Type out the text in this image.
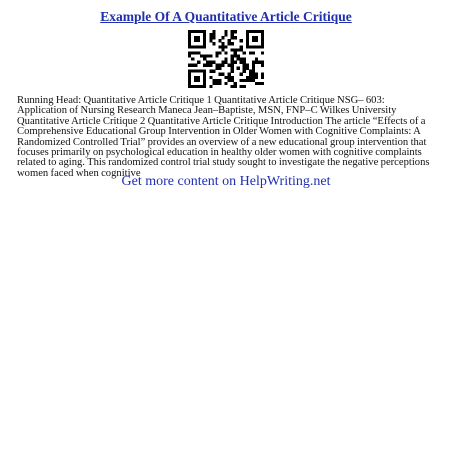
Example Of A Quantitative Article Critique

Running Head: Quantitative Article Critique 1 Quantitative Article Critique NSG– 603: Application of Nursing Research Maneca Jean–Baptiste, MSN, FNP–C Wilkes University Quantitative Article Critique 2 Quantitative Article Critique Introduction The article “Effects of a Comprehensive Educational Group Intervention in Older Women with Cognitive Complaints: A Randomized Controlled Trial” provides an overview of a new educational group intervention that focuses primarily on psychological education in healthy older women with cognitive complaints related to aging. This randomized control trial study sought to investigate the negative perceptions women faced when cognitive

Get more content on HelpWriting.net
